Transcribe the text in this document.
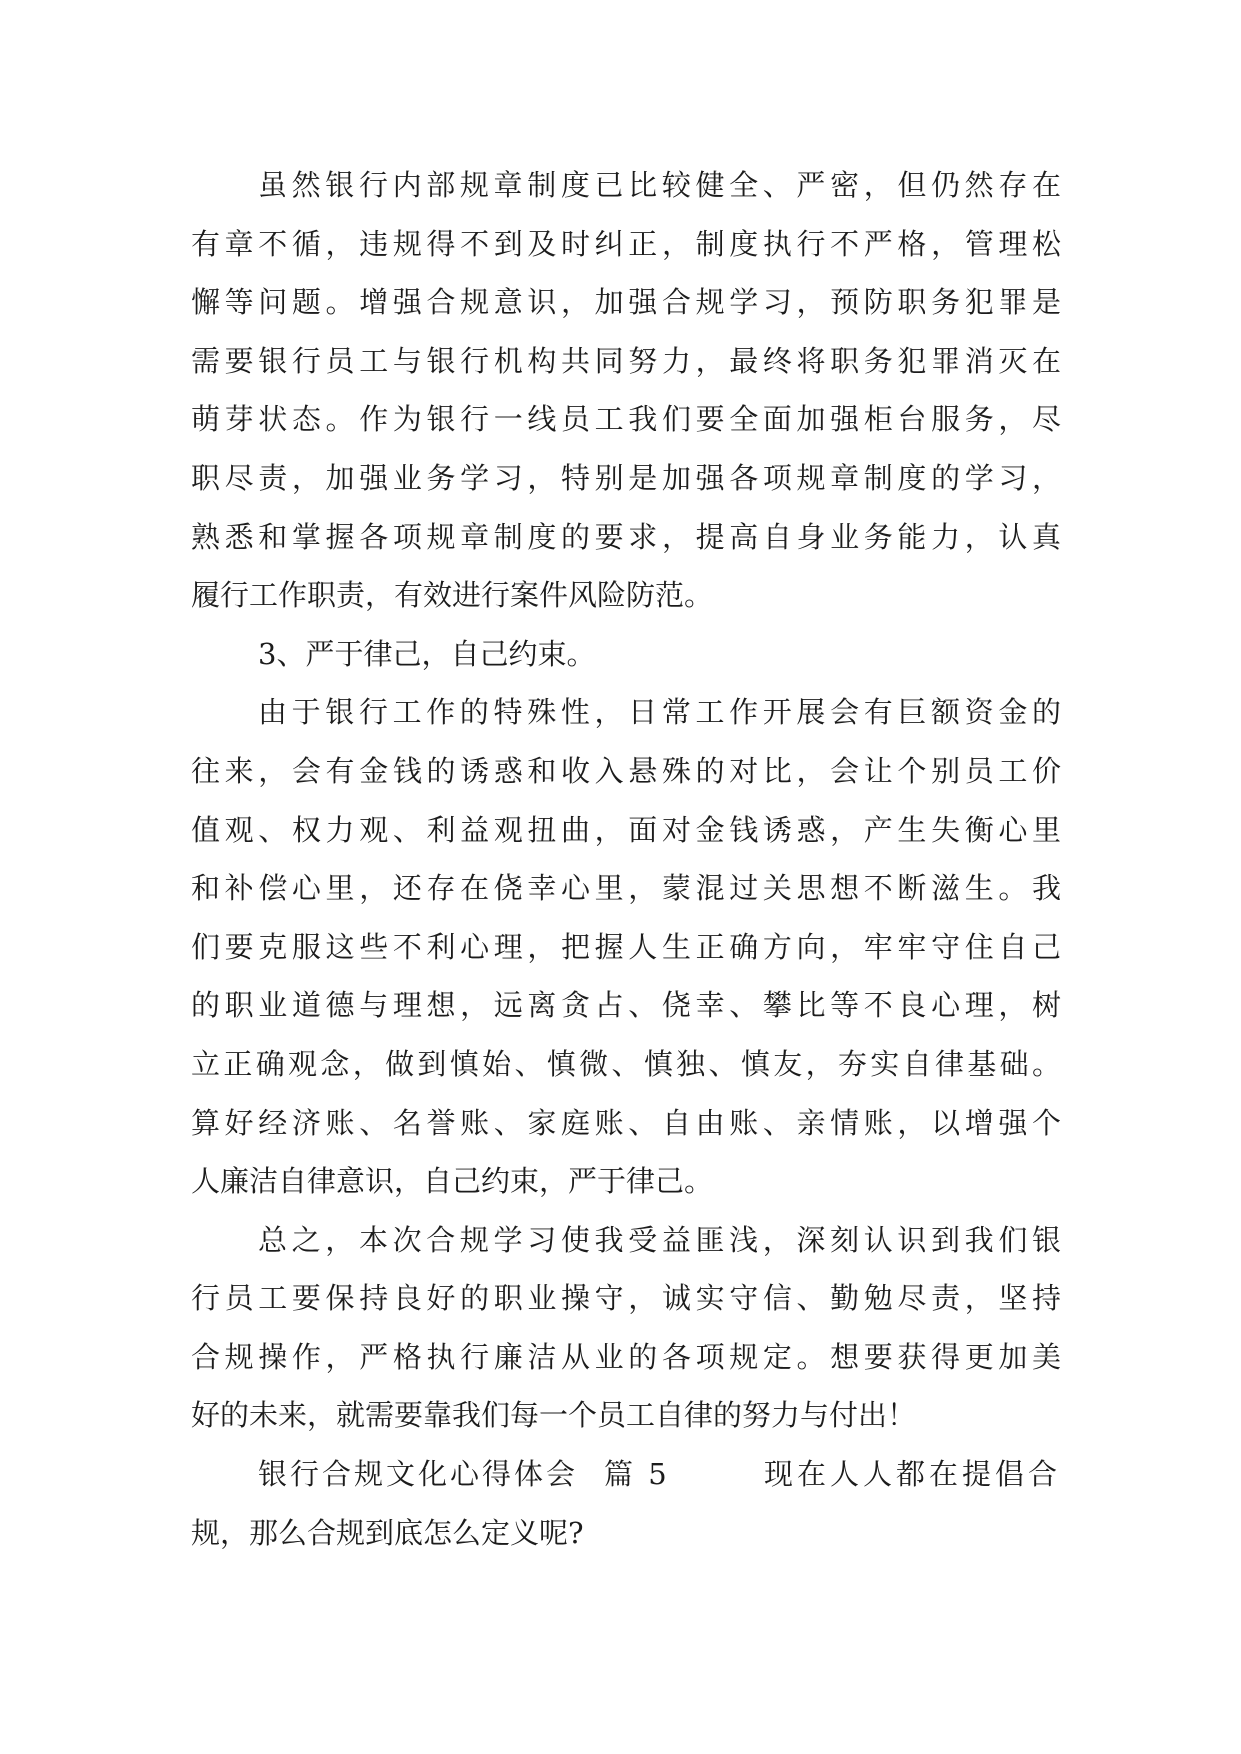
虽然银行内部规章制度已比较健全、严密，但仍然存在
有章不循，违规得不到及时纠正，制度执行不严格，管理松
懈等问题。增强合规意识，加强合规学习，预防职务犯罪是
需要银行员工与银行机构共同努力，最终将职务犯罪消灭在
萌芽状态。作为银行一线员工我们要全面加强柜台服务，尽
职尽责，加强业务学习，特别是加强各项规章制度的学习，
熟悉和掌握各项规章制度的要求，提高自身业务能力，认真
履行工作职责，有效进行案件风险防范。
3、严于律己，自己约束。
由于银行工作的特殊性，日常工作开展会有巨额资金的
往来，会有金钱的诱惑和收入悬殊的对比，会让个别员工价
值观、权力观、利益观扭曲，面对金钱诱惑，产生失衡心里
和补偿心里，还存在侥幸心里，蒙混过关思想不断滋生。我
们要克服这些不利心理，把握人生正确方向，牢牢守住自己
的职业道德与理想，远离贪占、侥幸、攀比等不良心理，树
立正确观念，做到慎始、慎微、慎独、慎友，夯实自律基础。
算好经济账、名誉账、家庭账、自由账、亲情账，以增强个
人廉洁自律意识，自己约束，严于律己。
总之，本次合规学习使我受益匪浅，深刻认识到我们银
行员工要保持良好的职业操守，诚实守信、勤勉尽责，坚持
合规操作，严格执行廉洁从业的各项规定。想要获得更加美
好的未来，就需要靠我们每一个员工自律的努力与付出！
银行合规文化心得体会 篇 5	现在人人都在提倡合
规，那么合规到底怎么定义呢?
